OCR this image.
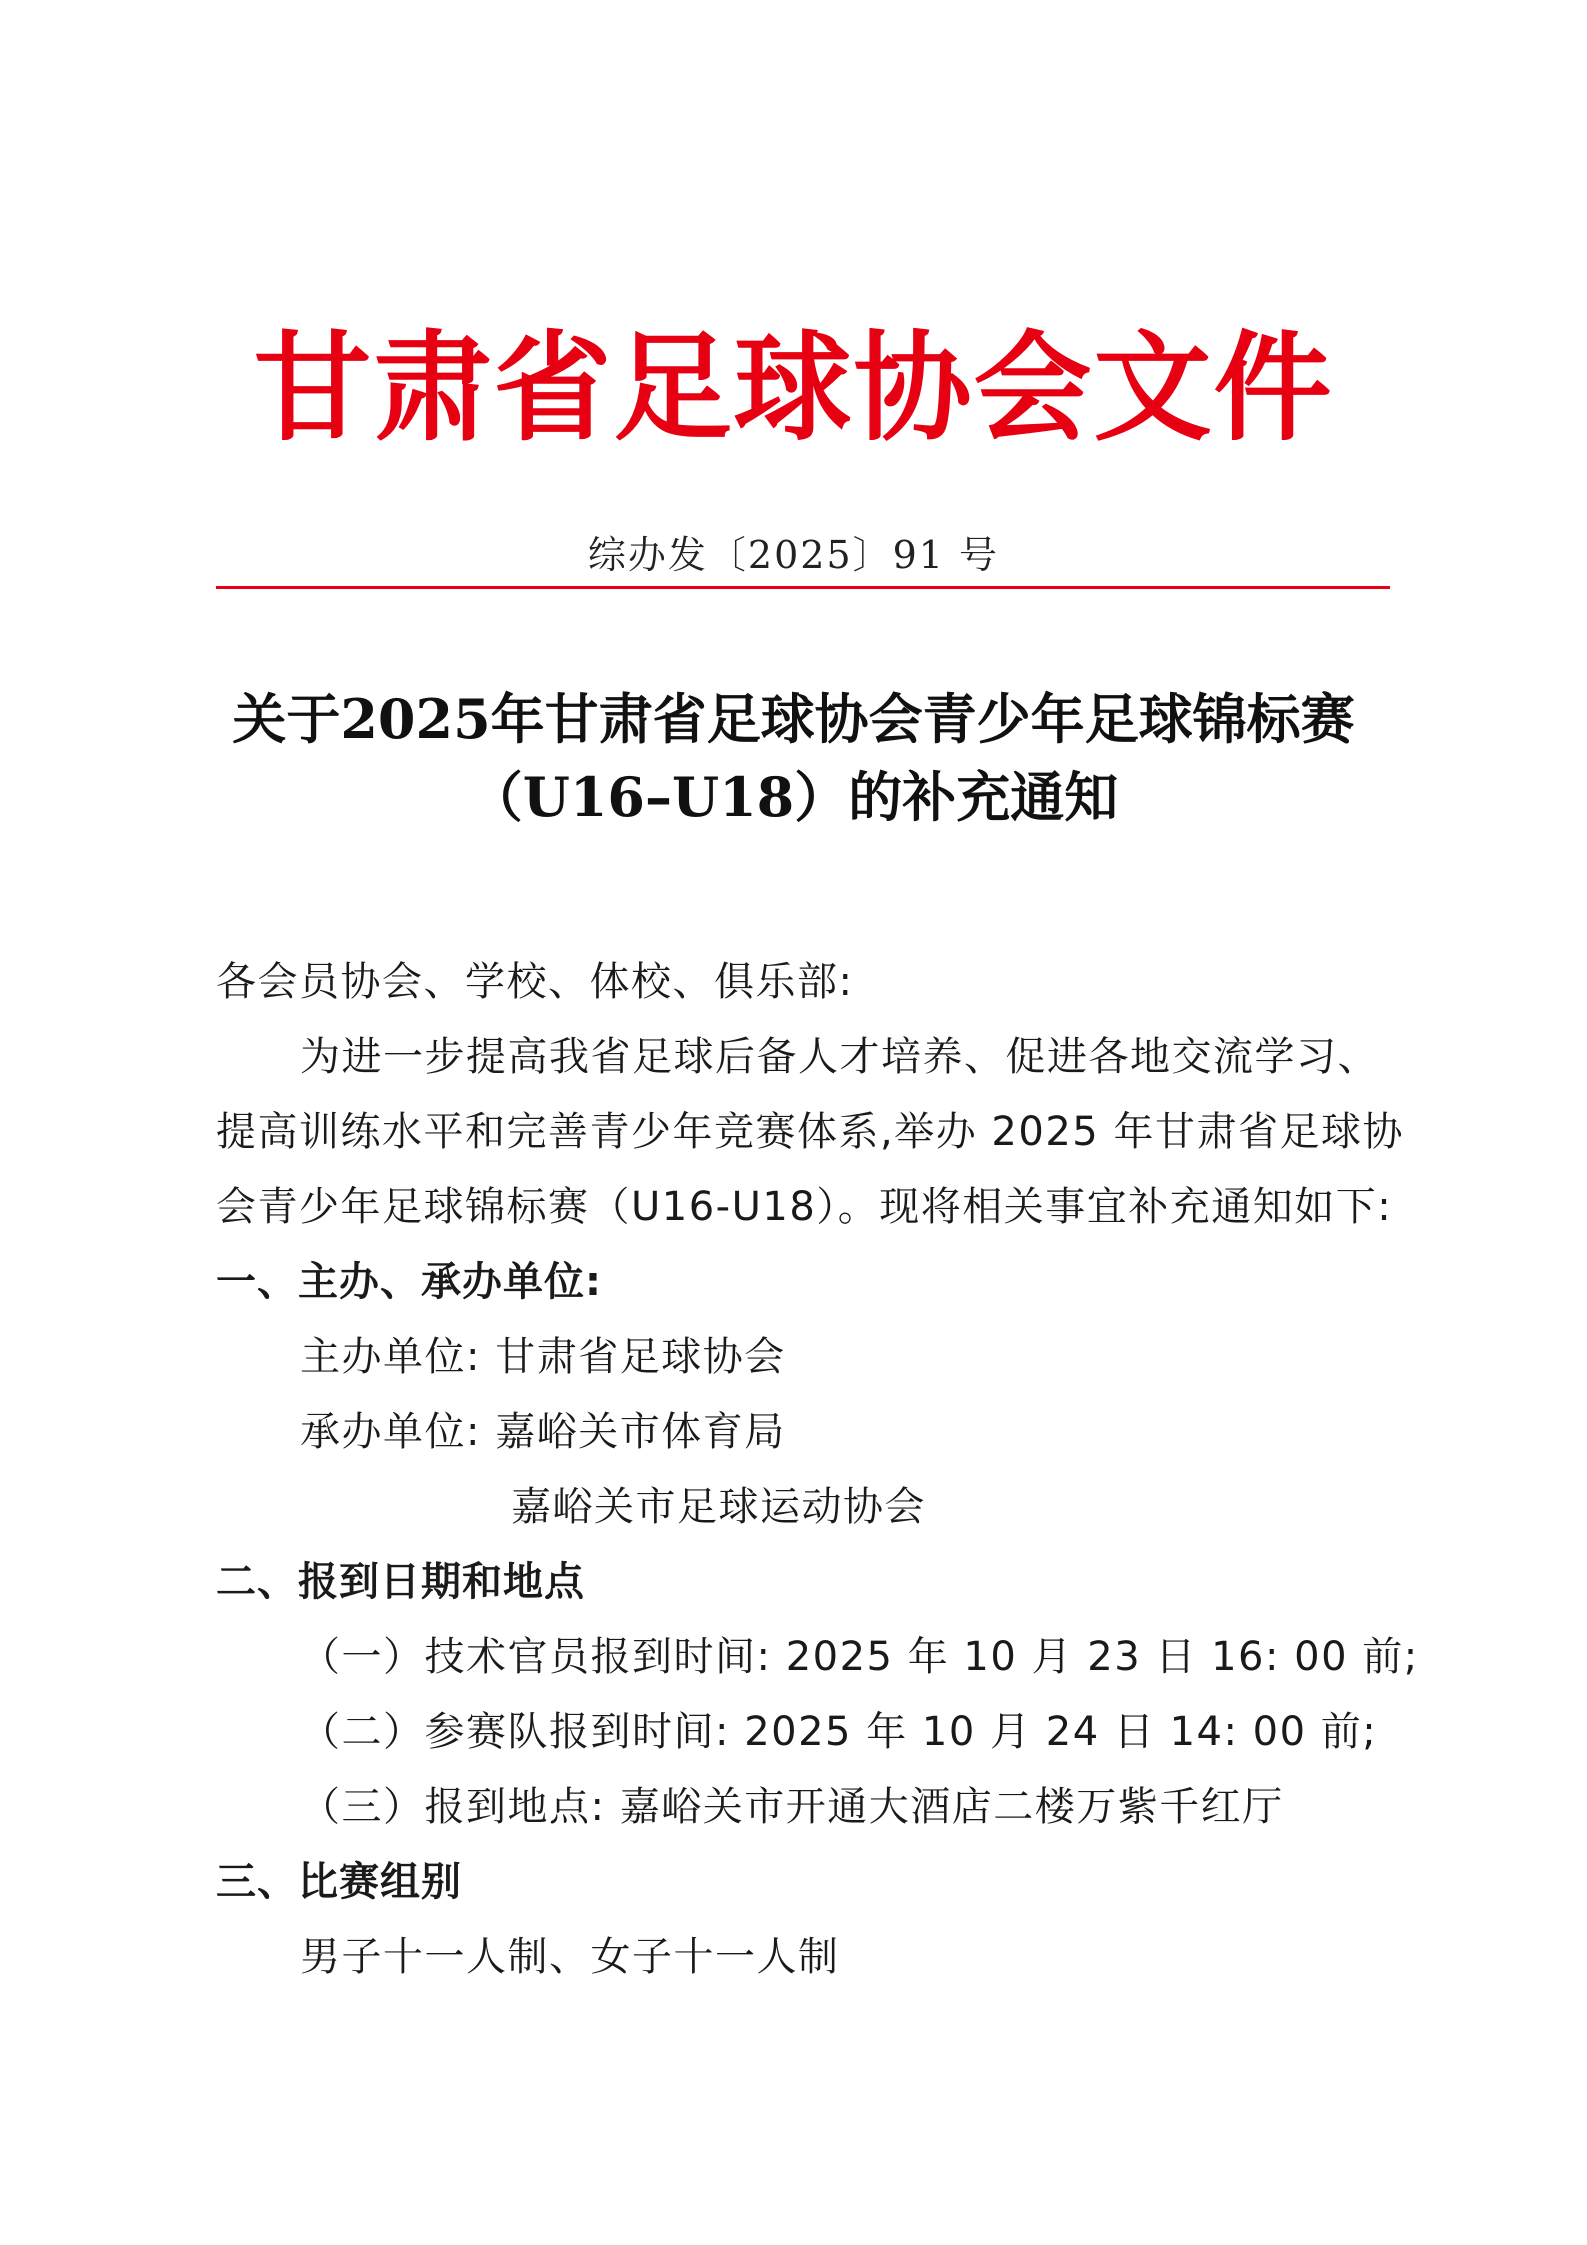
甘肃省足球协会文件
综办发〔2025〕91 号
关于2025年甘肃省足球协会青少年足球锦标赛
（U16–U18）的补充通知
各会员协会、学校、体校、俱乐部:
为进一步提高我省足球后备人才培养、促进各地交流学习、
提高训练水平和完善青少年竞赛体系,举办 2025 年甘肃省足球协
会青少年足球锦标赛（U16-U18）。现将相关事宜补充通知如下:
一、主办、承办单位:
主办单位: 甘肃省足球协会
承办单位: 嘉峪关市体育局
嘉峪关市足球运动协会
二、报到日期和地点
（一）技术官员报到时间: 2025 年 10 月 23 日 16: 00 前;
（二）参赛队报到时间: 2025 年 10 月 24 日 14: 00 前;
（三）报到地点: 嘉峪关市开通大酒店二楼万紫千红厅
三、比赛组别
男子十一人制、女子十一人制
